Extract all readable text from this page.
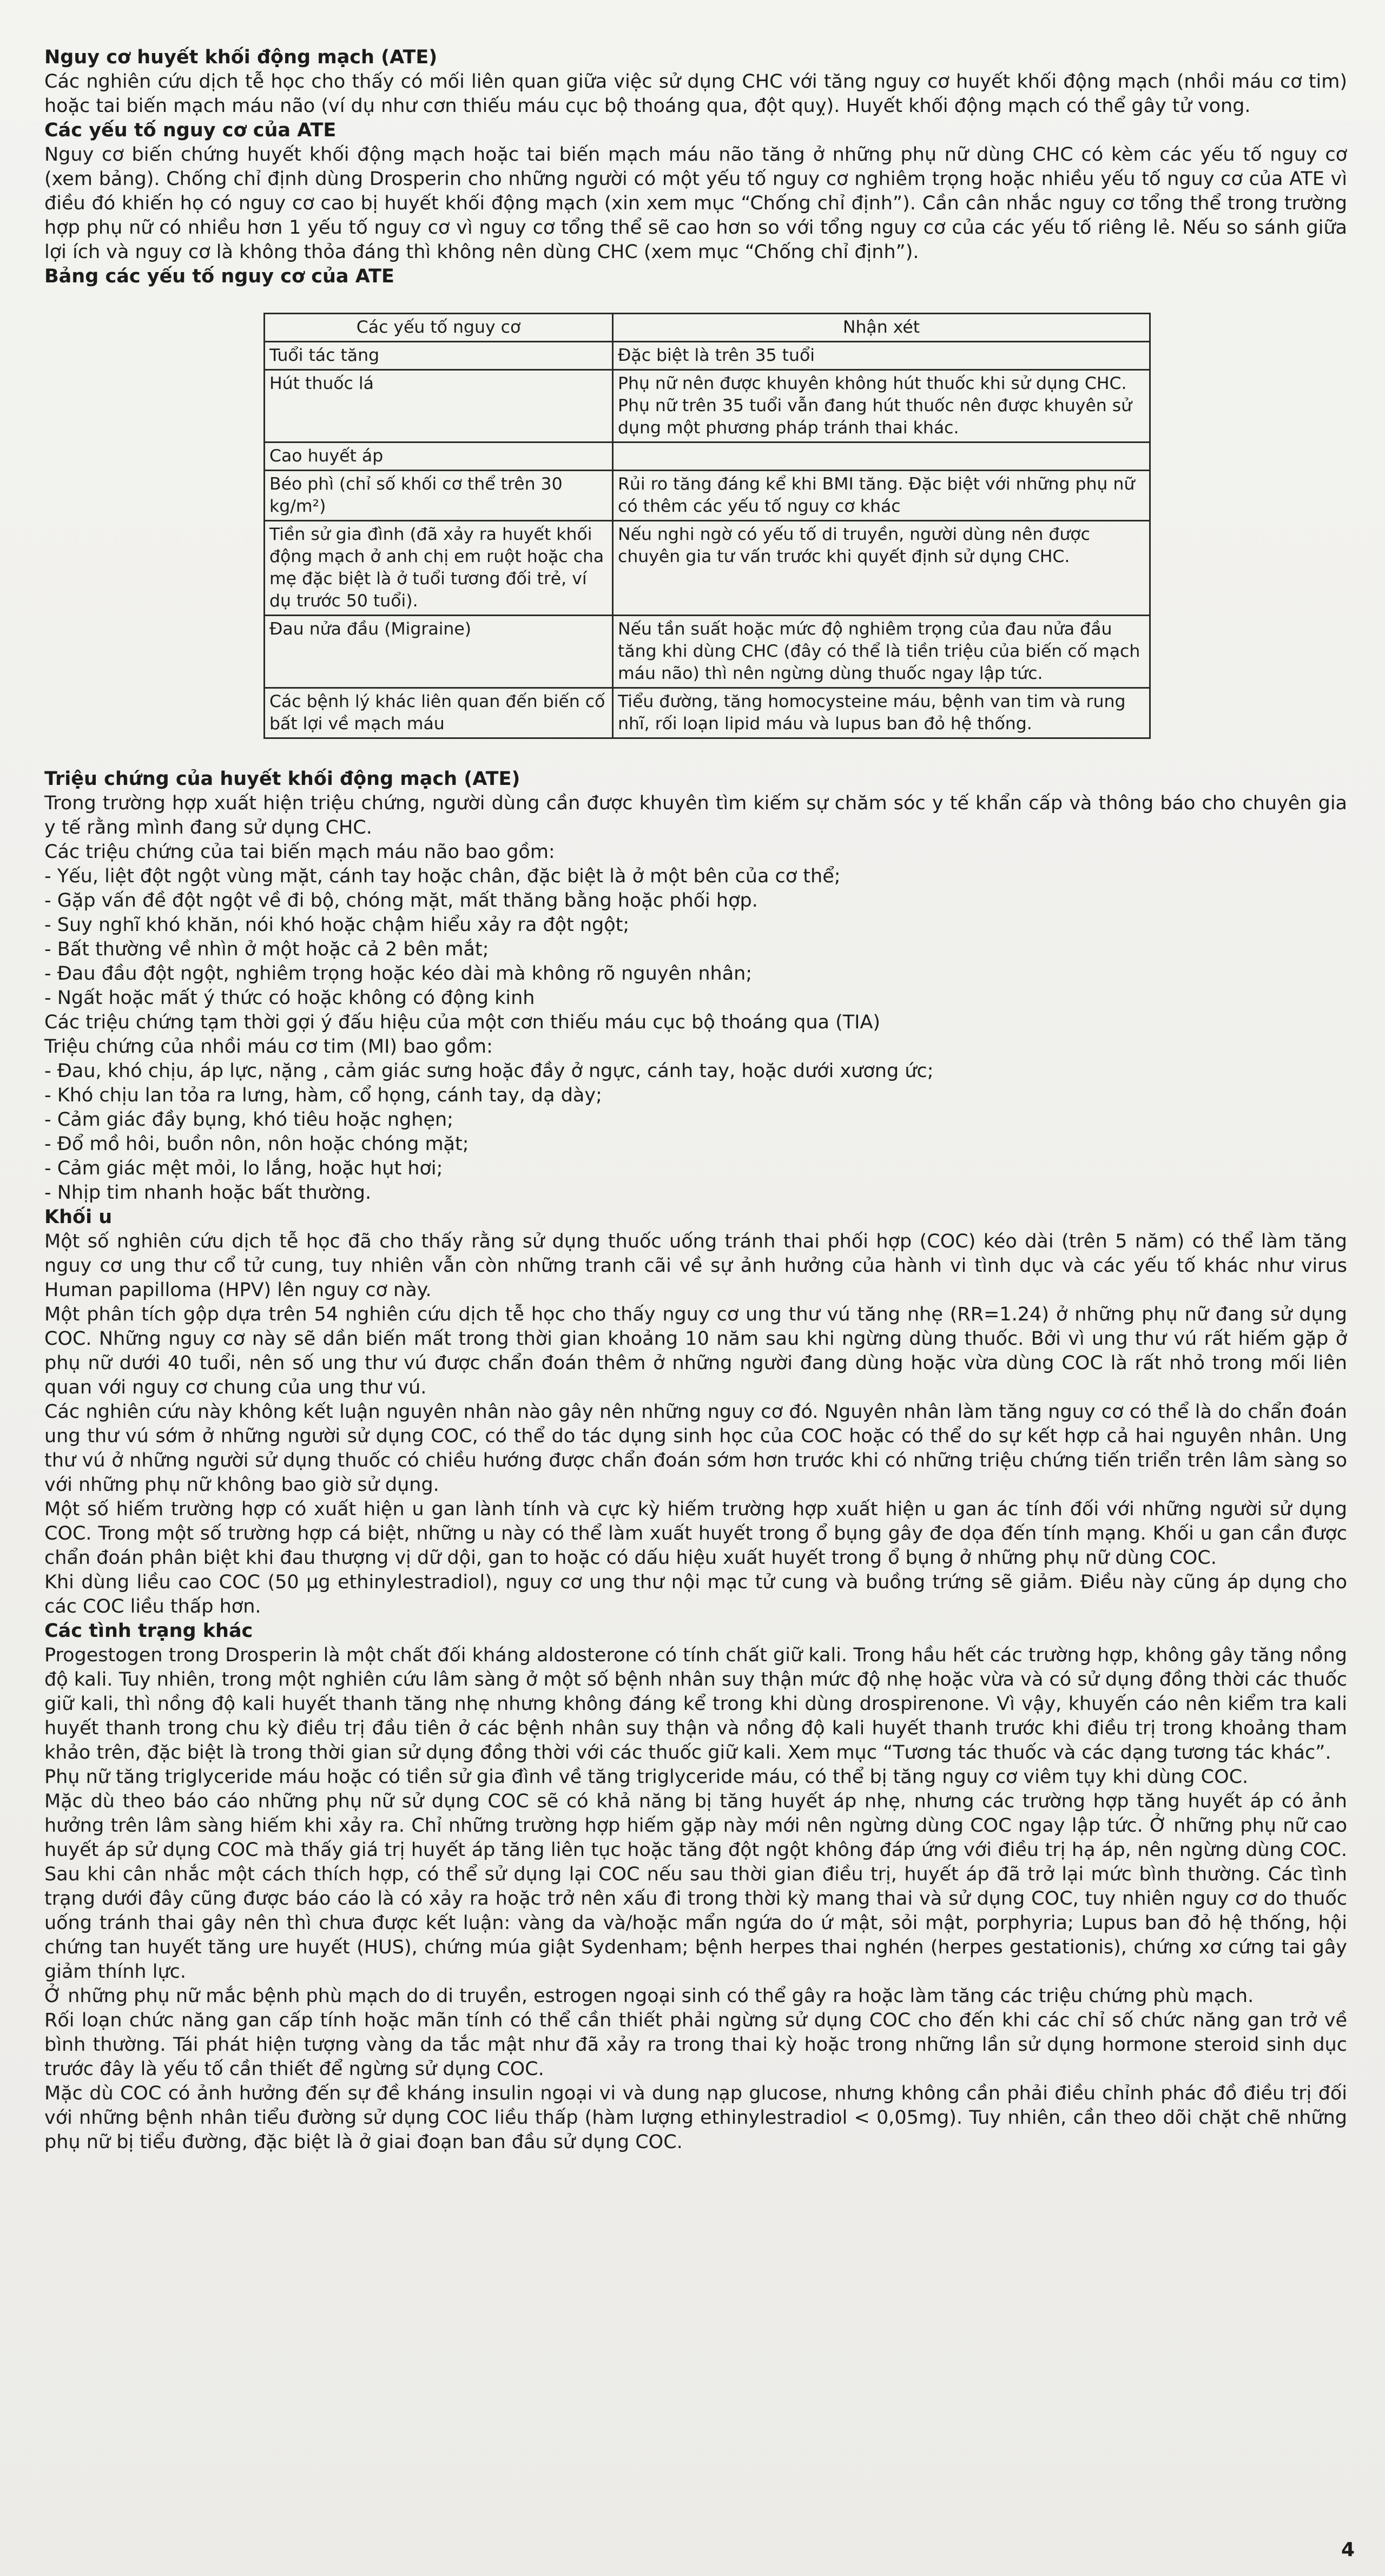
Nguy cơ huyết khối động mạch (ATE)

Các nghiên cứu dịch tễ học cho thấy có mối liên quan giữa việc sử dụng CHC với tăng nguy cơ huyết khối động mạch (nhồi máu cơ tim) hoặc tai biến mạch máu não (ví dụ như cơn thiếu máu cục bộ thoáng qua, đột quỵ). Huyết khối động mạch có thể gây tử vong.

Các yếu tố nguy cơ của ATE

Nguy cơ biến chứng huyết khối động mạch hoặc tai biến mạch máu não tăng ở những phụ nữ dùng CHC có kèm các yếu tố nguy cơ (xem bảng). Chống chỉ định dùng Drosperin cho những người có một yếu tố nguy cơ nghiêm trọng hoặc nhiều yếu tố nguy cơ của ATE vì điều đó khiến họ có nguy cơ cao bị huyết khối động mạch (xin xem mục “Chống chỉ định”). Cần cân nhắc nguy cơ tổng thể trong trường hợp phụ nữ có nhiều hơn 1 yếu tố nguy cơ vì nguy cơ tổng thể sẽ cao hơn so với tổng nguy cơ của các yếu tố riêng lẻ. Nếu so sánh giữa lợi ích và nguy cơ là không thỏa đáng thì không nên dùng CHC (xem mục “Chống chỉ định”).

Bảng các yếu tố nguy cơ của ATE

Các yếu tố nguy cơ	Nhận xét
Tuổi tác tăng	Đặc biệt là trên 35 tuổi
Hút thuốc lá	Phụ nữ nên được khuyên không hút thuốc khi sử dụng CHC. Phụ nữ trên 35 tuổi vẫn đang hút thuốc nên được khuyên sử dụng một phương pháp tránh thai khác.
Cao huyết áp	
Béo phì (chỉ số khối cơ thể trên 30 kg/m²)	Rủi ro tăng đáng kể khi BMI tăng. Đặc biệt với những phụ nữ có thêm các yếu tố nguy cơ khác
Tiền sử gia đình (đã xảy ra huyết khối động mạch ở anh chị em ruột hoặc cha mẹ đặc biệt là ở tuổi tương đối trẻ, ví dụ trước 50 tuổi).	Nếu nghi ngờ có yếu tố di truyền, người dùng nên được chuyên gia tư vấn trước khi quyết định sử dụng CHC.
Đau nửa đầu (Migraine)	Nếu tần suất hoặc mức độ nghiêm trọng của đau nửa đầu tăng khi dùng CHC (đây có thể là tiền triệu của biến cố mạch máu não) thì nên ngừng dùng thuốc ngay lập tức.
Các bệnh lý khác liên quan đến biến cố bất lợi về mạch máu	Tiểu đường, tăng homocysteine máu, bệnh van tim và rung nhĩ, rối loạn lipid máu và lupus ban đỏ hệ thống.

Triệu chứng của huyết khối động mạch (ATE)

Trong trường hợp xuất hiện triệu chứng, người dùng cần được khuyên tìm kiếm sự chăm sóc y tế khẩn cấp và thông báo cho chuyên gia y tế rằng mình đang sử dụng CHC.

Các triệu chứng của tai biến mạch máu não bao gồm:

- Yếu, liệt đột ngột vùng mặt, cánh tay hoặc chân, đặc biệt là ở một bên của cơ thể;

- Gặp vấn đề đột ngột về đi bộ, chóng mặt, mất thăng bằng hoặc phối hợp.

- Suy nghĩ khó khăn, nói khó hoặc chậm hiểu xảy ra đột ngột;

- Bất thường về nhìn ở một hoặc cả 2 bên mắt;

- Đau đầu đột ngột, nghiêm trọng hoặc kéo dài mà không rõ nguyên nhân;

- Ngất hoặc mất ý thức có hoặc không có động kinh

Các triệu chứng tạm thời gợi ý đấu hiệu của một cơn thiếu máu cục bộ thoáng qua (TIA)

Triệu chứng của nhồi máu cơ tim (MI) bao gồm:

- Đau, khó chịu, áp lực, nặng , cảm giác sưng hoặc đầy ở ngực, cánh tay, hoặc dưới xương ức;

- Khó chịu lan tỏa ra lưng, hàm, cổ họng, cánh tay, dạ dày;

- Cảm giác đầy bụng, khó tiêu hoặc nghẹn;

- Đổ mồ hôi, buồn nôn, nôn hoặc chóng mặt;

- Cảm giác mệt mỏi, lo lắng, hoặc hụt hơi;

- Nhịp tim nhanh hoặc bất thường.

Khối u

Một số nghiên cứu dịch tễ học đã cho thấy rằng sử dụng thuốc uống tránh thai phối hợp (COC) kéo dài (trên 5 năm) có thể làm tăng nguy cơ ung thư cổ tử cung, tuy nhiên vẫn còn những tranh cãi về sự ảnh hưởng của hành vi tình dục và các yếu tố khác như virus Human papilloma (HPV) lên nguy cơ này.

Một phân tích gộp dựa trên 54 nghiên cứu dịch tễ học cho thấy nguy cơ ung thư vú tăng nhẹ (RR=1.24) ở những phụ nữ đang sử dụng COC. Những nguy cơ này sẽ dần biến mất trong thời gian khoảng 10 năm sau khi ngừng dùng thuốc. Bởi vì ung thư vú rất hiếm gặp ở phụ nữ dưới 40 tuổi, nên số ung thư vú được chẩn đoán thêm ở những người đang dùng hoặc vừa dùng COC là rất nhỏ trong mối liên quan với nguy cơ chung của ung thư vú.

Các nghiên cứu này không kết luận nguyên nhân nào gây nên những nguy cơ đó. Nguyên nhân làm tăng nguy cơ có thể là do chẩn đoán ung thư vú sớm ở những người sử dụng COC, có thể do tác dụng sinh học của COC hoặc có thể do sự kết hợp cả hai nguyên nhân. Ung thư vú ở những người sử dụng thuốc có chiều hướng được chẩn đoán sớm hơn trước khi có những triệu chứng tiến triển trên lâm sàng so với những phụ nữ không bao giờ sử dụng.

Một số hiếm trường hợp có xuất hiện u gan lành tính và cực kỳ hiếm trường hợp xuất hiện u gan ác tính đối với những người sử dụng COC. Trong một số trường hợp cá biệt, những u này có thể làm xuất huyết trong ổ bụng gây đe dọa đến tính mạng. Khối u gan cần được chẩn đoán phân biệt khi đau thượng vị dữ dội, gan to hoặc có dấu hiệu xuất huyết trong ổ bụng ở những phụ nữ dùng COC.

Khi dùng liều cao COC (50 µg ethinylestradiol), nguy cơ ung thư nội mạc tử cung và buồng trứng sẽ giảm. Điều này cũng áp dụng cho các COC liều thấp hơn.

Các tình trạng khác

Progestogen trong Drosperin là một chất đối kháng aldosterone có tính chất giữ kali. Trong hầu hết các trường hợp, không gây tăng nồng độ kali. Tuy nhiên, trong một nghiên cứu lâm sàng ở một số bệnh nhân suy thận mức độ nhẹ hoặc vừa và có sử dụng đồng thời các thuốc giữ kali, thì nồng độ kali huyết thanh tăng nhẹ nhưng không đáng kể trong khi dùng drospirenone. Vì vậy, khuyến cáo nên kiểm tra kali huyết thanh trong chu kỳ điều trị đầu tiên ở các bệnh nhân suy thận và nồng độ kali huyết thanh trước khi điều trị trong khoảng tham khảo trên, đặc biệt là trong thời gian sử dụng đồng thời với các thuốc giữ kali. Xem mục “Tương tác thuốc và các dạng tương tác khác”.

Phụ nữ tăng triglyceride máu hoặc có tiền sử gia đình về tăng triglyceride máu, có thể bị tăng nguy cơ viêm tụy khi dùng COC.

Mặc dù theo báo cáo những phụ nữ sử dụng COC sẽ có khả năng bị tăng huyết áp nhẹ, nhưng các trường hợp tăng huyết áp có ảnh hưởng trên lâm sàng hiếm khi xảy ra. Chỉ những trường hợp hiếm gặp này mới nên ngừng dùng COC ngay lập tức. Ở những phụ nữ cao huyết áp sử dụng COC mà thấy giá trị huyết áp tăng liên tục hoặc tăng đột ngột không đáp ứng với điều trị hạ áp, nên ngừng dùng COC. Sau khi cân nhắc một cách thích hợp, có thể sử dụng lại COC nếu sau thời gian điều trị, huyết áp đã trở lại mức bình thường. Các tình trạng dưới đây cũng được báo cáo là có xảy ra hoặc trở nên xấu đi trong thời kỳ mang thai và sử dụng COC, tuy nhiên nguy cơ do thuốc uống tránh thai gây nên thì chưa được kết luận: vàng da và/hoặc mẩn ngứa do ứ mật, sỏi mật, porphyria; Lupus ban đỏ hệ thống, hội chứng tan huyết tăng ure huyết (HUS), chứng múa giật Sydenham; bệnh herpes thai nghén (herpes gestationis), chứng xơ cứng tai gây giảm thính lực.

Ở những phụ nữ mắc bệnh phù mạch do di truyền, estrogen ngoại sinh có thể gây ra hoặc làm tăng các triệu chứng phù mạch.

Rối loạn chức năng gan cấp tính hoặc mãn tính có thể cần thiết phải ngừng sử dụng COC cho đến khi các chỉ số chức năng gan trở về bình thường. Tái phát hiện tượng vàng da tắc mật như đã xảy ra trong thai kỳ hoặc trong những lần sử dụng hormone steroid sinh dục trước đây là yếu tố cần thiết để ngừng sử dụng COC.

Mặc dù COC có ảnh hưởng đến sự đề kháng insulin ngoại vi và dung nạp glucose, nhưng không cần phải điều chỉnh phác đồ điều trị đối với những bệnh nhân tiểu đường sử dụng COC liều thấp (hàm lượng ethinylestradiol < 0,05mg). Tuy nhiên, cần theo dõi chặt chẽ những phụ nữ bị tiểu đường, đặc biệt là ở giai đoạn ban đầu sử dụng COC.

4
